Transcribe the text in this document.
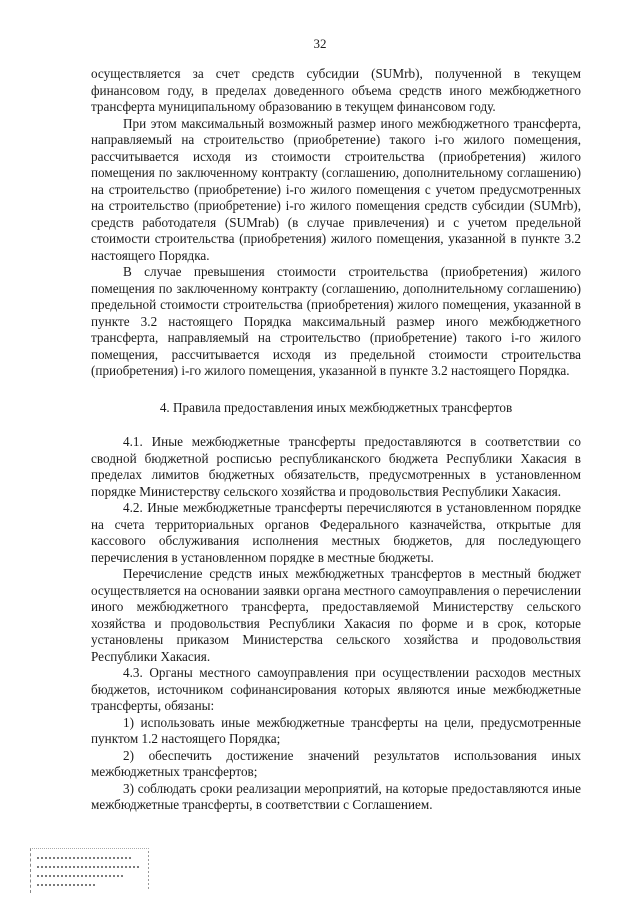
32

осуществляется за счет средств субсидии (SUMrb), полученной в текущем финансовом году, в пределах доведенного объема средств иного межбюджетного трансферта муниципальному образованию в текущем финансовом году.

При этом максимальный возможный размер иного межбюджетного трансферта, направляемый на строительство (приобретение) такого i-го жилого помещения, рассчитывается исходя из стоимости строительства (приобретения) жилого помещения по заключенному контракту (соглашению, дополнительному соглашению) на строительство (приобретение) i-го жилого помещения с учетом предусмотренных на строительство (приобретение) i-го жилого помещения средств субсидии (SUMrb), средств работодателя (SUMrab) (в случае привлечения) и с учетом предельной стоимости строительства (приобретения) жилого помещения, указанной в пункте 3.2 настоящего Порядка.

В случае превышения стоимости строительства (приобретения) жилого помещения по заключенному контракту (соглашению, дополнительному соглашению) предельной стоимости строительства (приобретения) жилого помещения, указанной в пункте 3.2 настоящего Порядка максимальный размер иного межбюджетного трансферта, направляемый на строительство (приобретение) такого i-го жилого помещения, рассчитывается исходя из предельной стоимости строительства (приобретения) i-го жилого помещения, указанной в пункте 3.2 настоящего Порядка.

4. Правила предоставления иных межбюджетных трансфертов

4.1. Иные межбюджетные трансферты предоставляются в соответствии со сводной бюджетной росписью республиканского бюджета Республики Хакасия в пределах лимитов бюджетных обязательств, предусмотренных в установленном порядке Министерству сельского хозяйства и продовольствия Республики Хакасия.

4.2. Иные межбюджетные трансферты перечисляются в установленном порядке на счета территориальных органов Федерального казначейства, открытые для кассового обслуживания исполнения местных бюджетов, для последующего перечисления в установленном порядке в местные бюджеты.

Перечисление средств иных межбюджетных трансфертов в местный бюджет осуществляется на основании заявки органа местного самоуправления о перечислении иного межбюджетного трансферта, предоставляемой Министерству сельского хозяйства и продовольствия Республики Хакасия по форме и в срок, которые установлены приказом Министерства сельского хозяйства и продовольствия Республики Хакасия.

4.3. Органы местного самоуправления при осуществлении расходов местных бюджетов, источником софинансирования которых являются иные межбюджетные трансферты, обязаны:

1) использовать иные межбюджетные трансферты на цели, предусмотренные пунктом 1.2 настоящего Порядка;

2) обеспечить достижение значений результатов использования иных межбюджетных трансфертов;

3) соблюдать сроки реализации мероприятий, на которые предоставляются иные межбюджетные трансферты, в соответствии с Соглашением.
